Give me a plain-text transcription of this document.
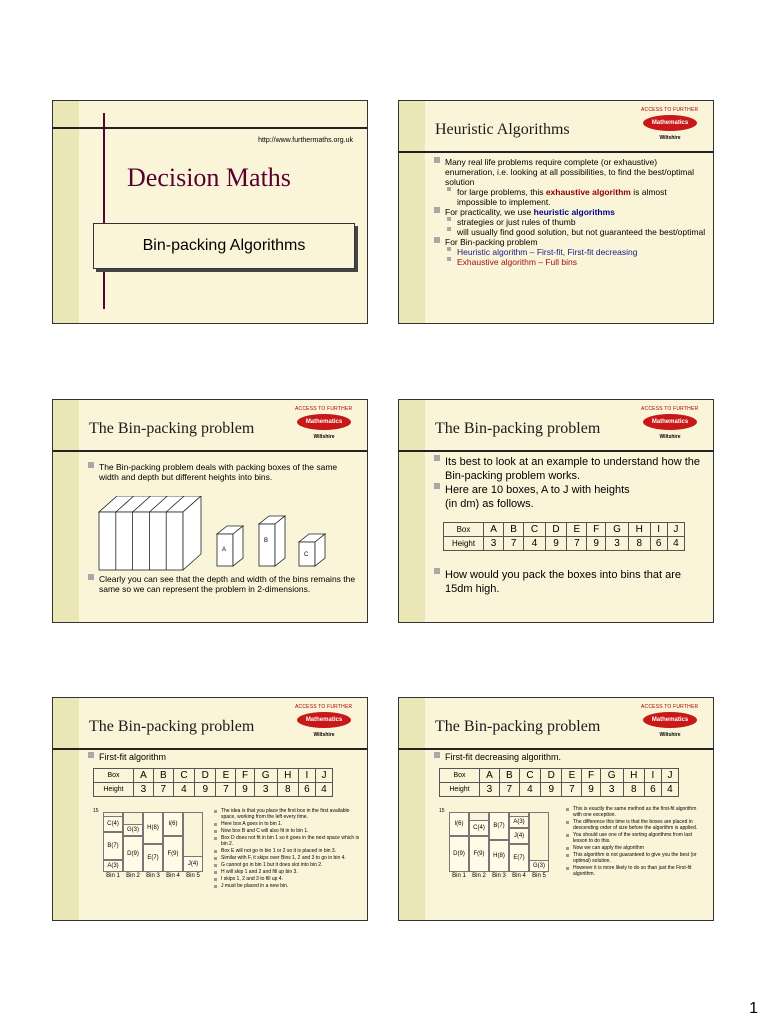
http://www.furthermaths.org.uk
Decision Maths
Bin-packing Algorithms
Heuristic Algorithms
ACCESS TO FURTHER
Mathematics
Wiltshire
Many real life problems require complete (or exhaustive) enumeration, i.e. looking at all possibilities, to find the best/optimal solution
for large problems, this exhaustive algorithm is almost impossible to implement.
For practicality, we use heuristic algorithms
strategies or just rules of thumb
will usually find good solution, but not guaranteed the best/optimal
For Bin-packing problem
Heuristic algorithm – First-fit, First-fit decreasing
Exhaustive algorithm – Full bins
The Bin-packing problem
ACCESS TO FURTHER
Mathematics
Wiltshire
The Bin-packing problem deals with packing boxes of the same width and depth but different heights into bins.
A
B
C
Clearly you can see that the depth and width of the bins remains the same so we can represent the problem in 2-dimensions.
The Bin-packing problem
ACCESS TO FURTHER
Mathematics
Wiltshire
Its best to look at an example to understand how the Bin-packing problem works.
Here are 10 boxes, A to J with heights
(in dm) as follows.
Box	A	B	C	D	E	F	G	H	I	J
Height	3	7	4	9	7	9	3	8	6	4
How would you pack the boxes into bins that are 15dm high.
The Bin-packing problem
ACCESS TO FURTHER
Mathematics
Wiltshire
First-fit algorithm
Box	A	B	C	D	E	F	G	H	I	J
Height	3	7	4	9	7	9	3	8	6	4
15
Bin 1	Bin 2	Bin 3	Bin 4	Bin 5
A(3)
B(7)
C(4)
D(9)
G(3)
E(7)
H(8)
F(9)
I(6)
J(4)
The idea is that you place the first box in the first available space, working from the left every time.
Here box A goes in to bin 1.
Now box B and C will also fit in to bin 1.
Box D does not fit in bin 1 so it goes in the next space which is bin 2.
Box E will not go in bin 1 or 2 so it is placed in bin 3.
Similar with F, it skips over Bins 1, 2 and 3 to go in bin 4.
G cannot go in bin 1 but it does slot into bin 2.
H will skip 1 and 2 and fill up bin 3.
I skips 1, 2 and 3 to fill up 4.
J must be placed in a new bin.
The Bin-packing problem
ACCESS TO FURTHER
Mathematics
Wiltshire
First-fit decreasing algorithm.
Box	A	B	C	D	E	F	G	H	I	J
Height	3	7	4	9	7	9	3	8	6	4
15
Bin 1	Bin 2	Bin 3	Bin 4	Bin 5
D(9)
I(6)
F(9)
C(4)
H(8)
B(7)
E(7)
J(4)
A(3)
G(3)
This is exactly the same method as the first-fit algorithm with one exception.
The difference this time is that the boxes are placed in descending order of size before the algorithm is applied.
You should use one of the sorting algorithms from last lesson to do this.
Now we can apply the algorithm
This algorithm is not guaranteed to give you the best (or optimal) solution.
However it is more likely to do so than just the First-fit algorithm.
1
